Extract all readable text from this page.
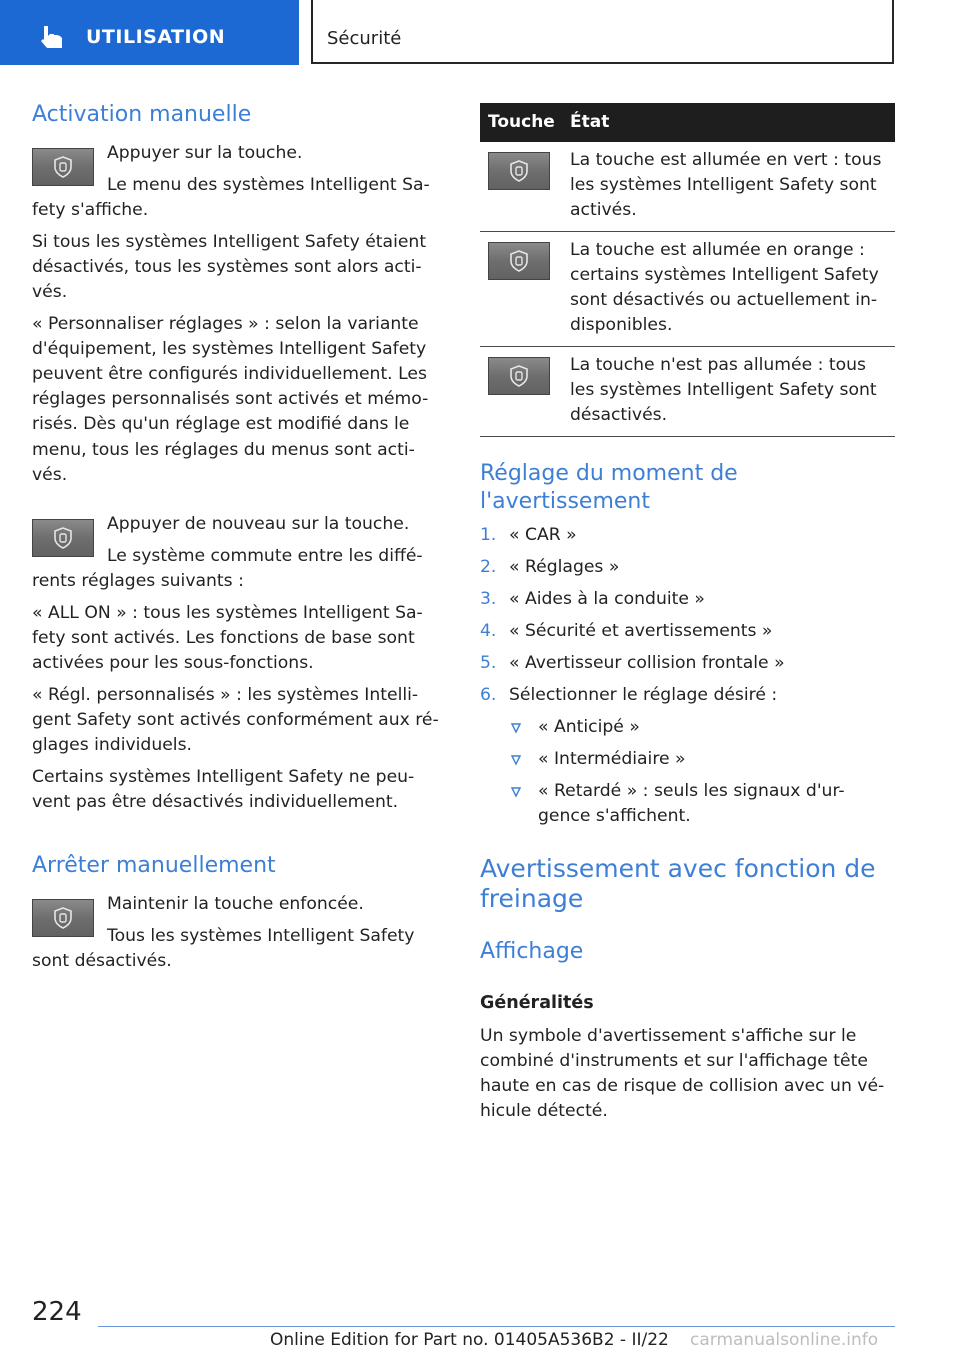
UTILISATION	Sécurité
Activation manuelle

Appuyer sur la touche.

Le menu des systèmes Intelligent Sa-

fety s'affiche.

Si tous les systèmes Intelligent Safety étaient

désactivés, tous les systèmes sont alors acti-

vés.

« Personnaliser réglages » : selon la variante

d'équipement, les systèmes Intelligent Safety

peuvent être configurés individuellement. Les

réglages personnalisés sont activés et mémo-

risés. Dès qu'un réglage est modifié dans le

menu, tous les réglages du menus sont acti-

vés.

Appuyer de nouveau sur la touche.

Le système commute entre les diffé-

rents réglages suivants :

« ALL ON » : tous les systèmes Intelligent Sa-

fety sont activés. Les fonctions de base sont

activées pour les sous-fonctions.

« Régl. personnalisés » : les systèmes Intelli-

gent Safety sont activés conformément aux ré-

glages individuels.

Certains systèmes Intelligent Safety ne peu-

vent pas être désactivés individuellement.

Arrêter manuellement

Maintenir la touche enfoncée.

Tous les systèmes Intelligent Safety

sont désactivés.

Touche État

La touche est allumée en vert : tous

les systèmes Intelligent Safety sont

activés.

La touche est allumée en orange :

certains systèmes Intelligent Safety

sont désactivés ou actuellement in-

disponibles.

La touche n'est pas allumée : tous

les systèmes Intelligent Safety sont

désactivés.

Réglage du moment de
l'avertissement
1. « CAR »
2. « Réglages »
3. « Aides à la conduite »
4. « Sécurité et avertissements »
5. « Avertisseur collision frontale »
6. Sélectionner le réglage désiré :
« Anticipé »
« Intermédiaire »
« Retardé » : seuls les signaux d'ur-
gence s'affichent.
Avertissement avec fonction de
freinage
Affichage
Généralités

Un symbole d'avertissement s'affiche sur le

combiné d'instruments et sur l'affichage tête

haute en cas de risque de collision avec un vé-

hicule détecté.

224
Online Edition for Part no. 01405A536B2 - II/22 carmanualsonline.info
